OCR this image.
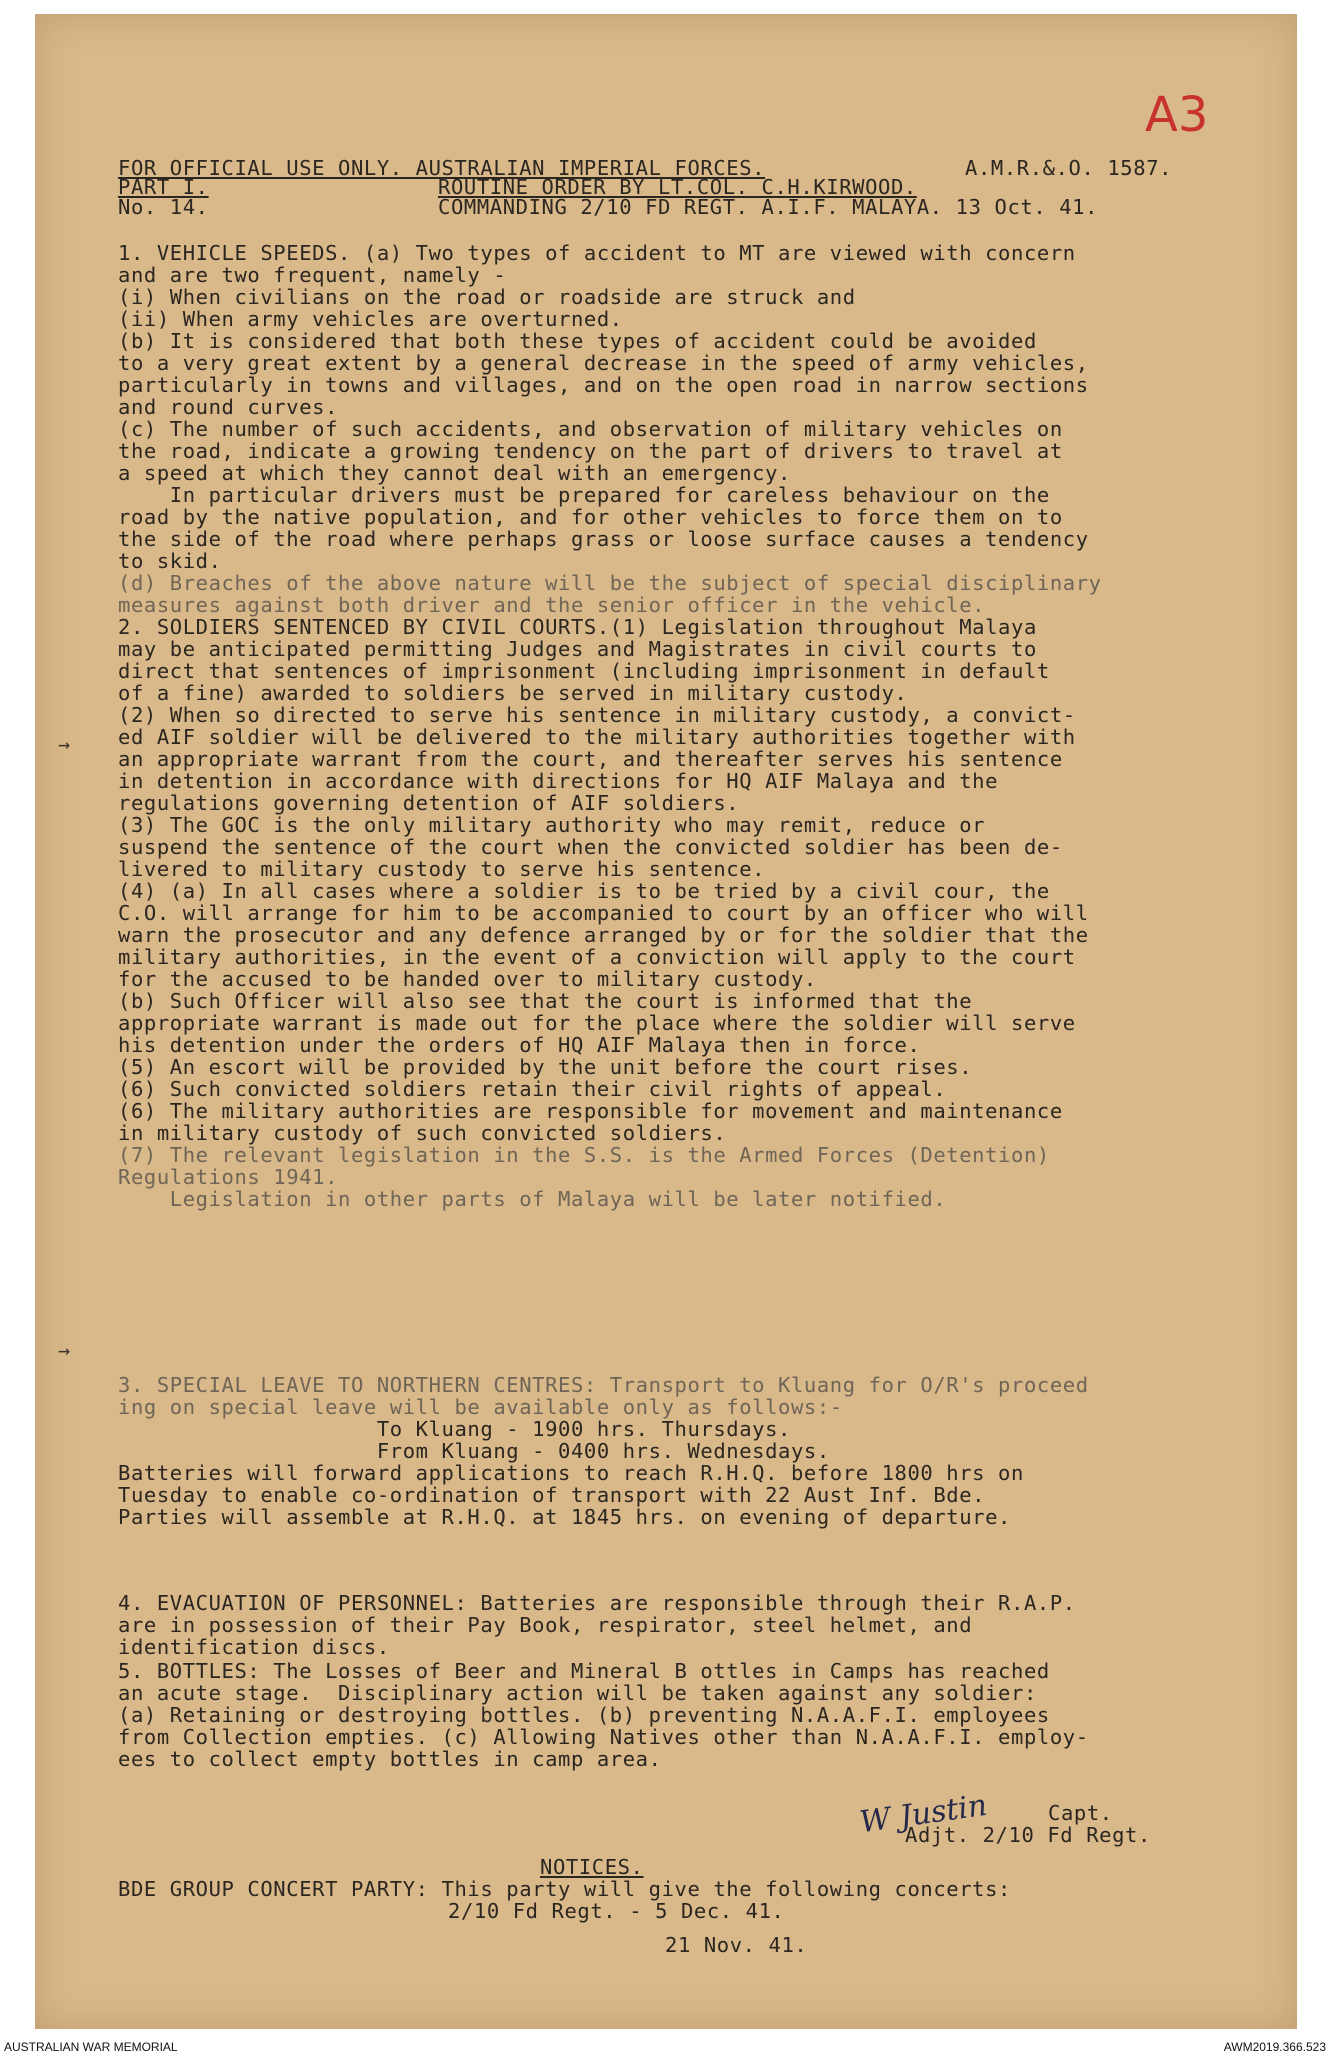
A3
FOR OFFICIAL USE ONLY. AUSTRALIAN IMPERIAL FORCES.	A.M.R.&.O. 1587.
PART I.	ROUTINE ORDER BY LT.COL. C.H.KIRWOOD.
No. 14.	COMMANDING 2/10 FD REGT. A.I.F. MALAYA. 13 Oct. 41.
1. VEHICLE SPEEDS. (a) Two types of accident to MT are viewed with concern
and are two frequent, namely -
(i) When civilians on the road or roadside are struck and
(ii) When army vehicles are overturned.
(b) It is considered that both these types of accident could be avoided
to a very great extent by a general decrease in the speed of army vehicles,
particularly in towns and villages, and on the open road in narrow sections
and round curves.
(c) The number of such accidents, and observation of military vehicles on
the road, indicate a growing tendency on the part of drivers to travel at
a speed at which they cannot deal with an emergency.
In particular drivers must be prepared for careless behaviour on the
road by the native population, and for other vehicles to force them on to
the side of the road where perhaps grass or loose surface causes a tendency
to skid.
(d) Breaches of the above nature will be the subject of special disciplinary
measures against both driver and the senior officer in the vehicle.
2. SOLDIERS SENTENCED BY CIVIL COURTS.(1) Legislation throughout Malaya
may be anticipated permitting Judges and Magistrates in civil courts to
direct that sentences of imprisonment (including imprisonment in default
of a fine) awarded to soldiers be served in military custody.
(2) When so directed to serve his sentence in military custody, a convict-
ed AIF soldier will be delivered to the military authorities together with
an appropriate warrant from the court, and thereafter serves his sentence
in detention in accordance with directions for HQ AIF Malaya and the
regulations governing detention of AIF soldiers.
(3) The GOC is the only military authority who may remit, reduce or
suspend the sentence of the court when the convicted soldier has been de-
livered to military custody to serve his sentence.
(4) (a) In all cases where a soldier is to be tried by a civil cour, the
C.O. will arrange for him to be accompanied to court by an officer who will
warn the prosecutor and any defence arranged by or for the soldier that the
military authorities, in the event of a conviction will apply to the court
for the accused to be handed over to military custody.
(b) Such Officer will also see that the court is informed that the
appropriate warrant is made out for the place where the soldier will serve
his detention under the orders of HQ AIF Malaya then in force.
(5) An escort will be provided by the unit before the court rises.
(6) Such convicted soldiers retain their civil rights of appeal.
(6) The military authorities are responsible for movement and maintenance
in military custody of such convicted soldiers.
(7) The relevant legislation in the S.S. is the Armed Forces (Detention)
Regulations 1941.
Legislation in other parts of Malaya will be later notified.
3. SPECIAL LEAVE TO NORTHERN CENTRES: Transport to Kluang for O/R's proceed
ing on special leave will be available only as follows:-
To Kluang - 1900 hrs. Thursdays.
From Kluang - 0400 hrs. Wednesdays.
Batteries will forward applications to reach R.H.Q. before 1800 hrs on
Tuesday to enable co-ordination of transport with 22 Aust Inf. Bde.
Parties will assemble at R.H.Q. at 1845 hrs. on evening of departure.
4. EVACUATION OF PERSONNEL: Batteries are responsible through their R.A.P.
are in possession of their Pay Book, respirator, steel helmet, and
identification discs.
5. BOTTLES: The Losses of Beer and Mineral B ottles in Camps has reached
an acute stage.  Disciplinary action will be taken against any soldier:
(a) Retaining or destroying bottles. (b) preventing N.A.A.F.I. employees
from Collection empties. (c) Allowing Natives other than N.A.A.F.I. employ-
ees to collect empty bottles in camp area.
→
→
W Justin	Capt.
Adjt. 2/10 Fd Regt.
NOTICES.
BDE GROUP CONCERT PARTY: This party will give the following concerts:
2/10 Fd Regt. - 5 Dec. 41.
21 Nov. 41.
AUSTRALIAN WAR MEMORIAL	AWM2019.366.523
